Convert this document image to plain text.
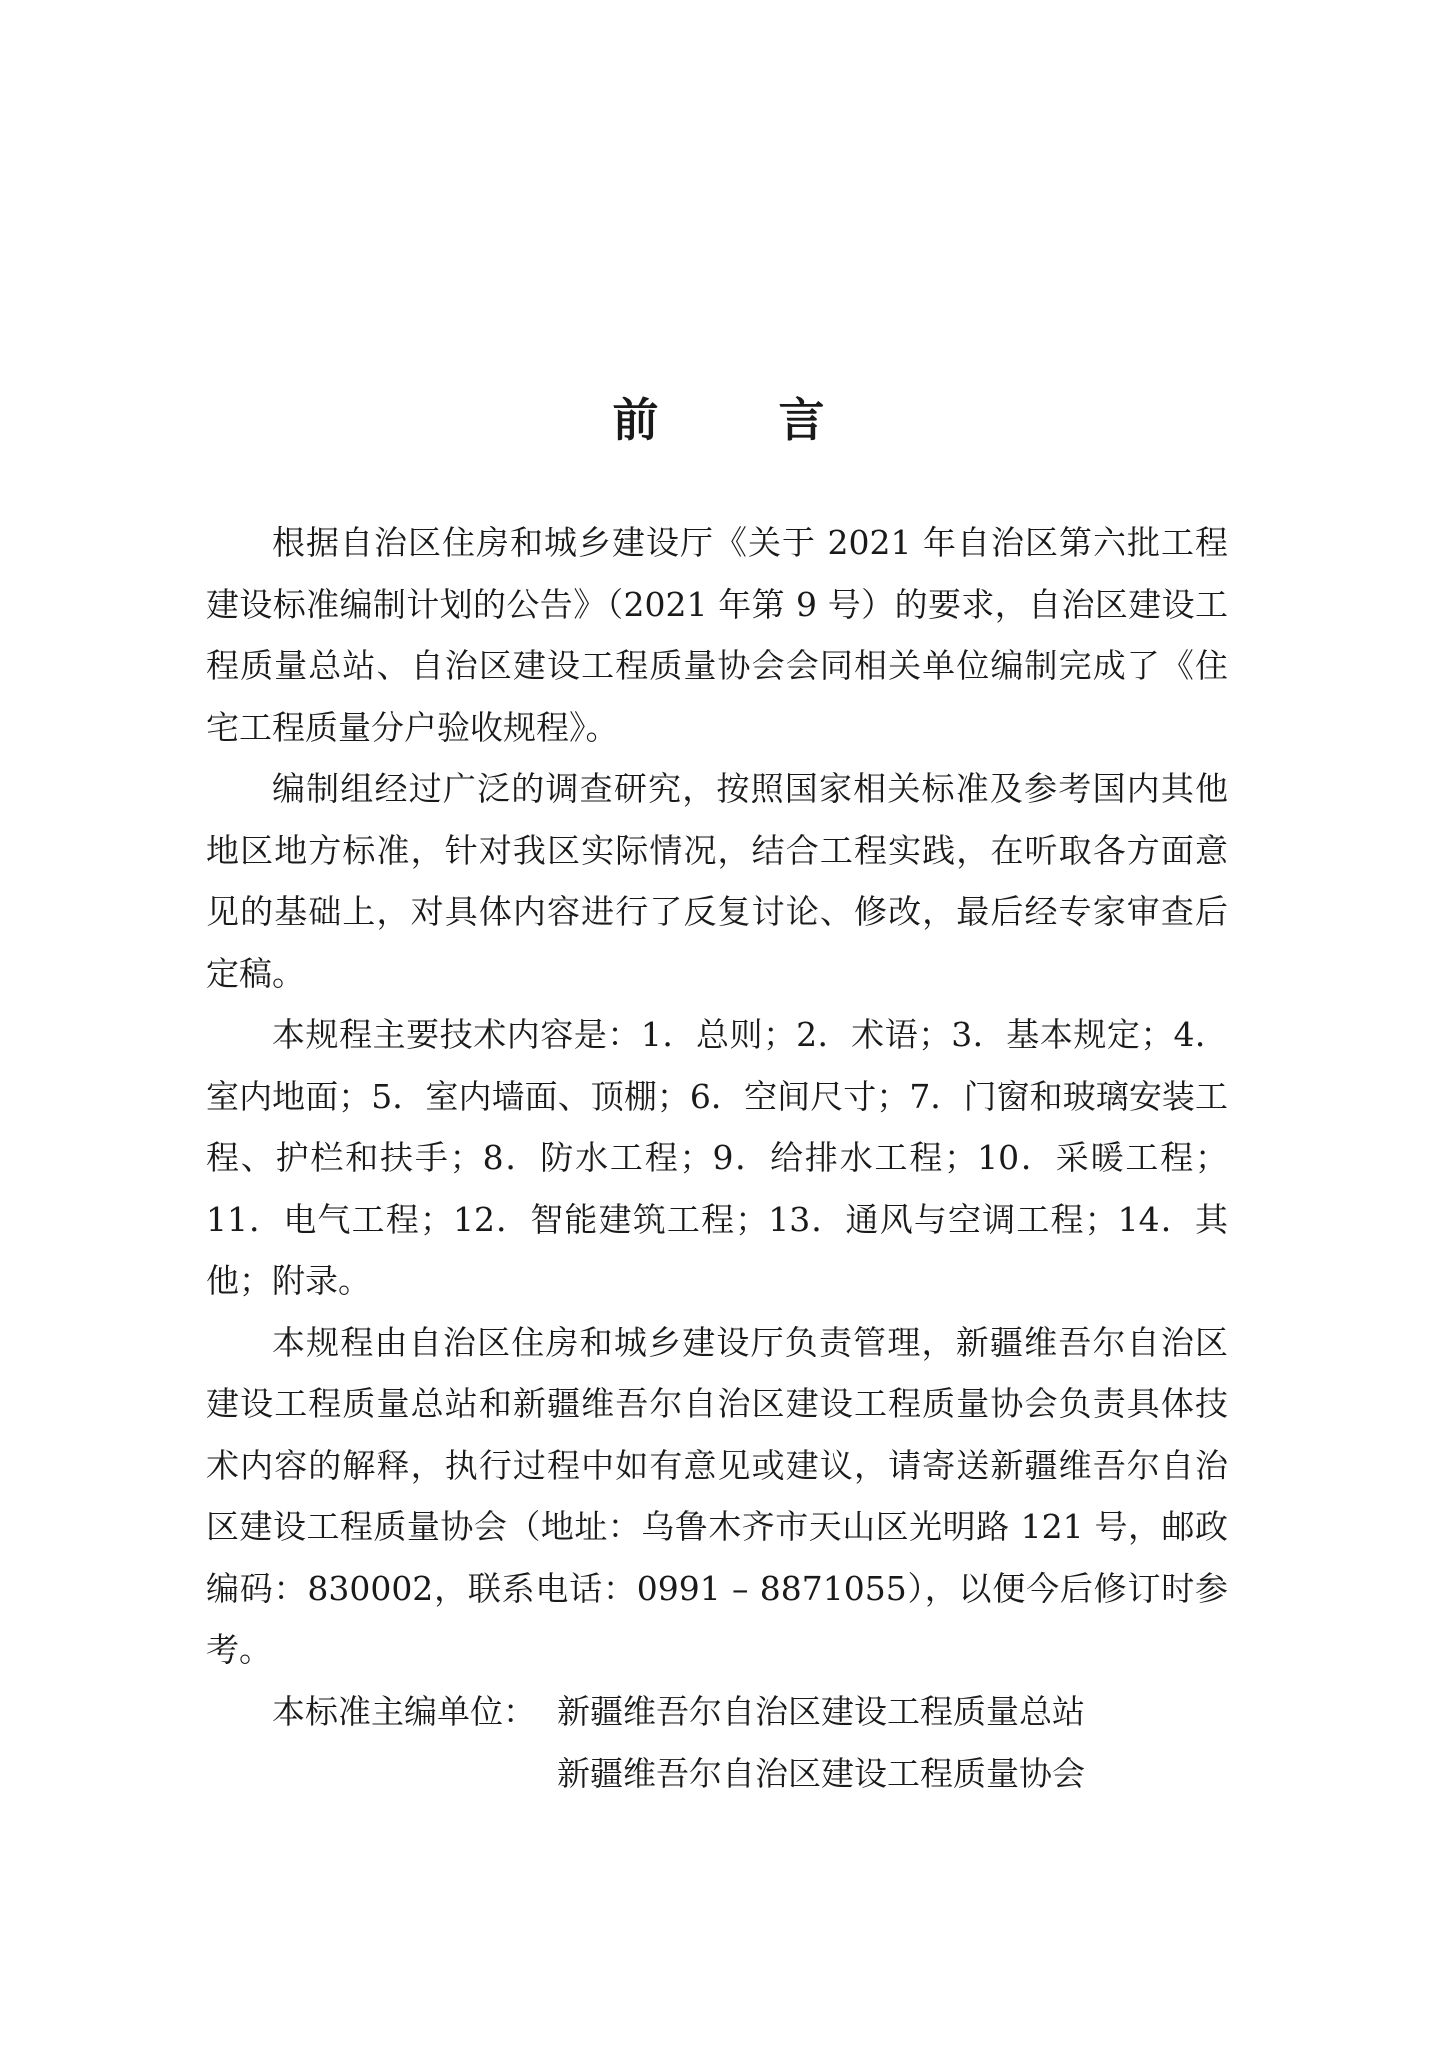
前	言

根据自治区住房和城乡建设厅《关于 2021 年自治区第六批工程建设标准编制计划的公告》（2021 年第 9 号）的要求，自治区建设工程质量总站、自治区建设工程质量协会会同相关单位编制完成了《住宅工程质量分户验收规程》。

编制组经过广泛的调查研究，按照国家相关标准及参考国内其他地区地方标准，针对我区实际情况，结合工程实践，在听取各方面意见的基础上，对具体内容进行了反复讨论、修改，最后经专家审查后定稿。

本规程主要技术内容是：1．总则；2．术语；3．基本规定；4．室内地面；5．室内墙面、顶棚；6．空间尺寸；7．门窗和玻璃安装工程、护栏和扶手；8．防水工程；9．给排水工程；10．采暖工程；11．电气工程；12．智能建筑工程；13．通风与空调工程；14．其他；附录。

本规程由自治区住房和城乡建设厅负责管理，新疆维吾尔自治区建设工程质量总站和新疆维吾尔自治区建设工程质量协会负责具体技术内容的解释，执行过程中如有意见或建议，请寄送新疆维吾尔自治区建设工程质量协会（地址：乌鲁木齐市天山区光明路 121 号，邮政编码：830002，联系电话：0991 – 8871055），以便今后修订时参考。

本标准主编单位： 新疆维吾尔自治区建设工程质量总站
新疆维吾尔自治区建设工程质量协会
